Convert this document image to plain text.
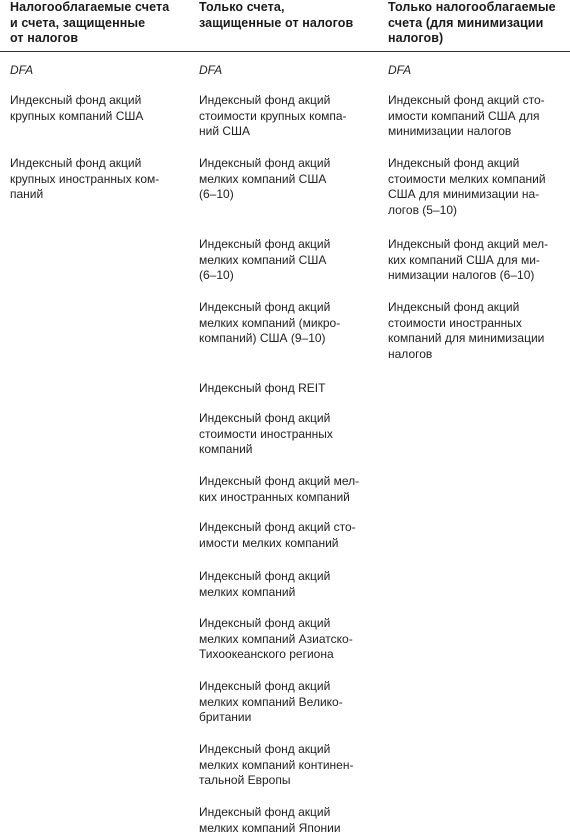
Налогооблагаемые счета
и счета, защищенные
от налогов
Только счета,
защищенные от налогов
Только налогооблагаемые
счета (для минимизации
налогов)
DFA
Индексный фонд акций
крупных компаний США
Индексный фонд акций
крупных иностранных ком-
паний
DFA
Индексный фонд акций
стоимости крупных компа-
ний США
Индексный фонд акций
мелких компаний США
(6–10)
Индексный фонд акций
мелких компаний США
(6–10)
Индексный фонд акций
мелких компаний (микро-
компаний) США (9–10)
Индексный фонд REIT
Индексный фонд акций
стоимости иностранных
компаний
Индексный фонд акций мел-
ких иностранных компаний
Индексный фонд акций сто-
имости мелких компаний
Индексный фонд акций
мелких компаний
Индексный фонд акций
мелких компаний Азиатско-
Тихоокеанского региона
Индексный фонд акций
мелких компаний Велико-
британии
Индексный фонд акций
мелких компаний континен-
тальной Европы
Индексный фонд акций
мелких компаний Японии
DFA
Индексный фонд акций сто-
имости компаний США для
минимизации налогов
Индексный фонд акций
стоимости мелких компаний
США для минимизации на-
логов (5–10)
Индексный фонд акций мел-
ких компаний США для ми-
нимизации налогов (6–10)
Индексный фонд акций
стоимости иностранных
компаний для минимизации
налогов
